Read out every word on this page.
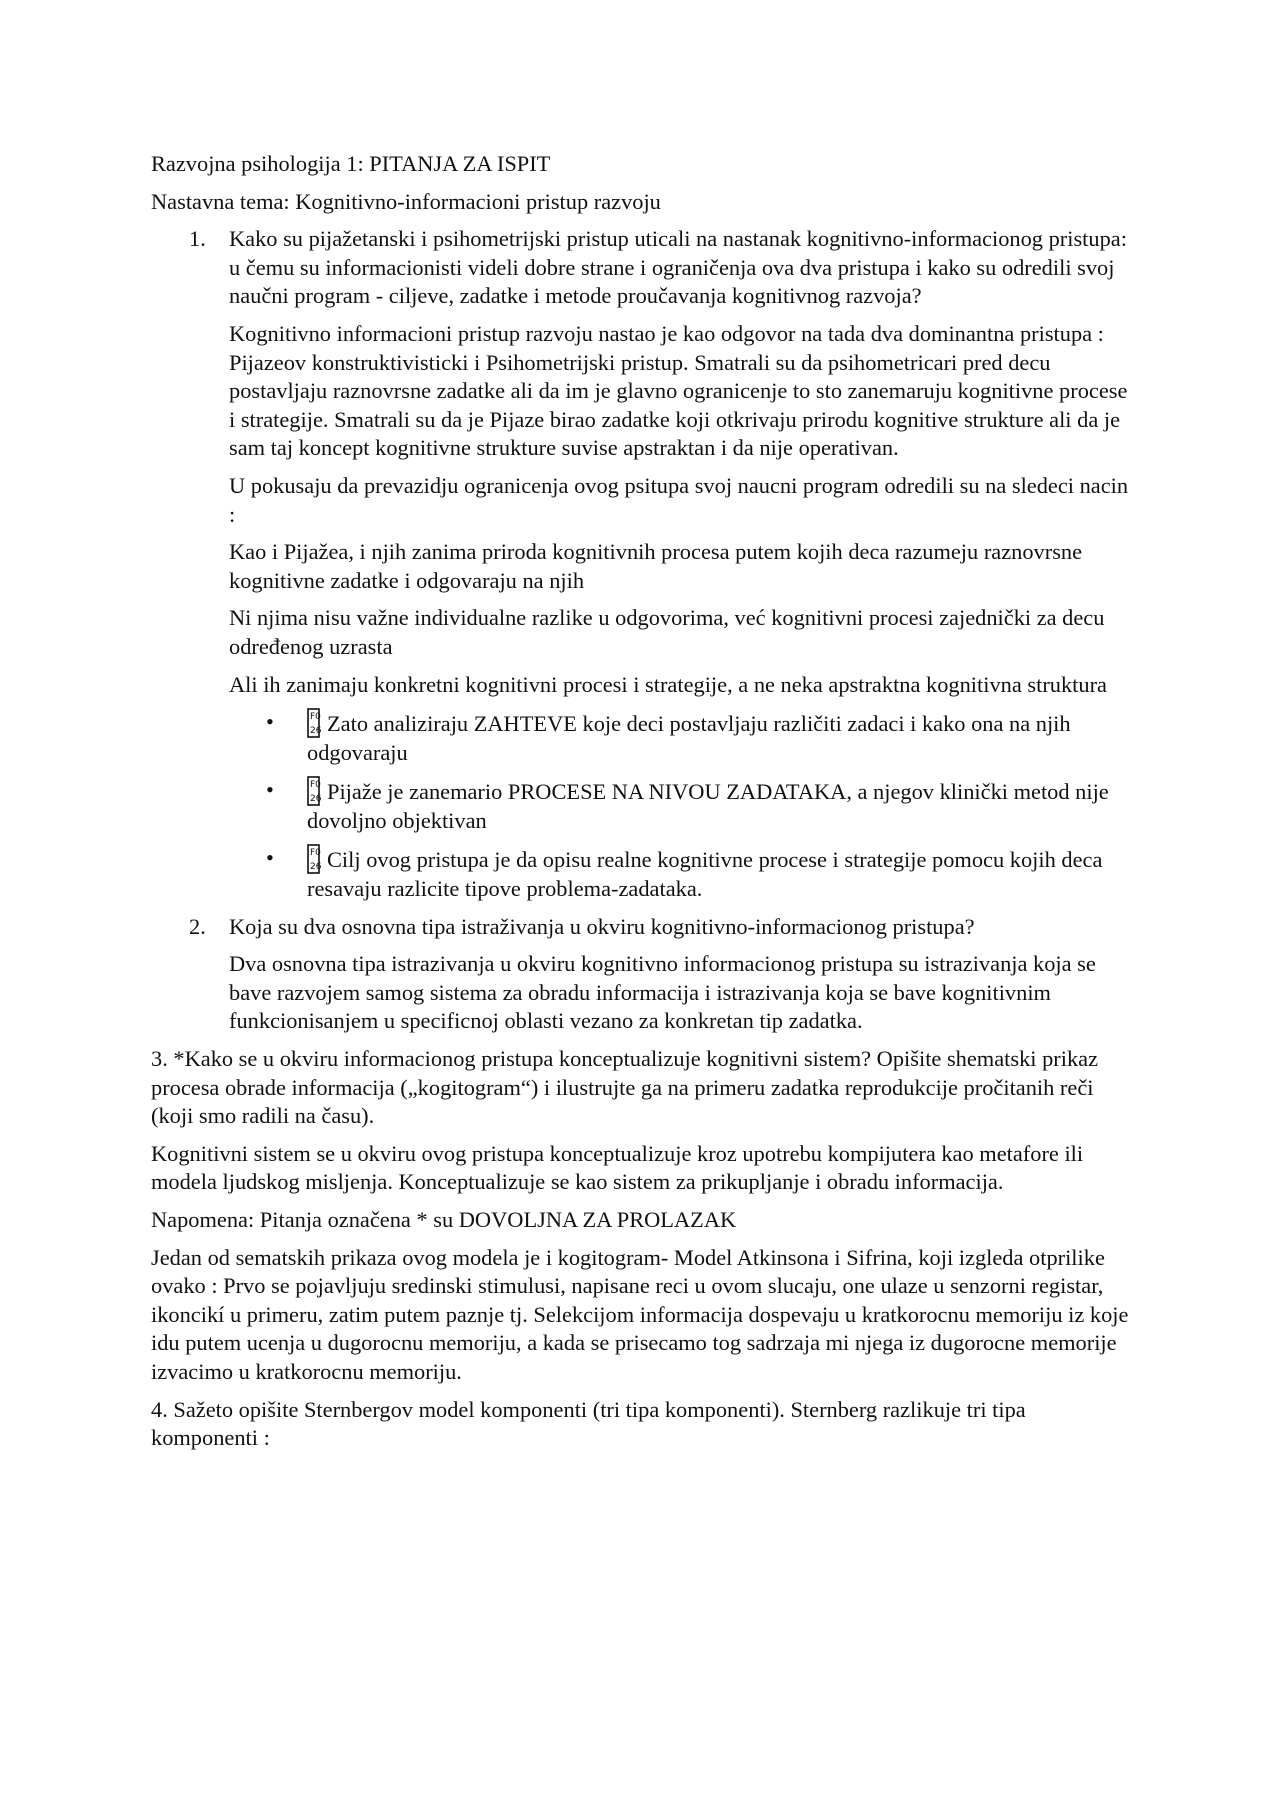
Razvojna psihologija 1: PITANJA ZA ISPIT

Nastavna tema: Kognitivno-informacioni pristup razvoju

1. Kako su pijažetanski i psihometrijski pristup uticali na nastanak kognitivno-informacionog pristupa: u čemu su informacionisti videli dobre strane i ograničenja ova dva pristupa i kako su odredili svoj naučni program - ciljeve, zadatke i metode proučavanja kognitivnog razvoja?

Kognitivno informacioni pristup razvoju nastao je kao odgovor na tada dva dominantna pristupa : Pijazeov konstruktivisticki i Psihometrijski pristup. Smatrali su da psihometricari pred decu postavljaju raznovrsne zadatke ali da im je glavno ogranicenje to sto zanemaruju kognitivne procese i strategije. Smatrali su da je Pijaze birao zadatke koji otkrivaju prirodu kognitive strukture ali da je sam taj koncept kognitivne strukture suvise apstraktan i da nije operativan.

U pokusaju da prevazidju ogranicenja ovog psitupa svoj naucni program odredili su na sledeci nacin :

Kao i Pijažea, i njih zanima priroda kognitivnih procesa putem kojih deca razumeju raznovrsne kognitivne zadatke i odgovaraju na njih

Ni njima nisu važne individualne razlike u odgovorima, već kognitivni procesi zajednički za decu određenog uzrasta

Ali ih zanimaju konkretni kognitivni procesi i strategije, a ne neka apstraktna kognitivna struktura

•	F0
26 Zato analiziraju ZAHTEVE koje deci postavljaju različiti zadaci i kako ona na njih odgovaraju
•	F0
26 Pijaže je zanemario PROCESE NA NIVOU ZADATAKA, a njegov klinički metod nije dovoljno objektivan
•	F0
26 Cilj ovog pristupa je da opisu realne kognitivne procese i strategije pomocu kojih deca resavaju razlicite tipove problema-zadataka.
2. Koja su dva osnovna tipa istraživanja u okviru kognitivno-informacionog pristupa?

Dva osnovna tipa istrazivanja u okviru kognitivno informacionog pristupa su istrazivanja koja se bave razvojem samog sistema za obradu informacija i istrazivanja koja se bave kognitivnim funkcionisanjem u specificnoj oblasti vezano za konkretan tip zadatka.

3. *Kako se u okviru informacionog pristupa konceptualizuje kognitivni sistem? Opišite shematski prikaz procesa obrade informacija („kogitogram“) i ilustrujte ga na primeru zadatka reprodukcije pročitanih reči (koji smo radili na času).

Kognitivni sistem se u okviru ovog pristupa konceptualizuje kroz upotrebu kompijutera kao metafore ili modela ljudskog misljenja. Konceptualizuje se kao sistem za prikupljanje i obradu informacija.

Napomena: Pitanja označena * su DOVOLJNA ZA PROLAZAK

Jedan od sematskih prikaza ovog modela je i kogitogram- Model Atkinsona i Sifrina, koji izgleda otprilike ovako : Prvo se pojavljuju sredinski stimulusi, napisane reci u ovom slucaju, one ulaze u senzorni registar, ikoncikí u primeru, zatim putem paznje tj. Selekcijom informacija dospevaju u kratkorocnu memoriju iz koje idu putem ucenja u dugorocnu memoriju, a kada se prisecamo tog sadrzaja mi njega iz dugorocne memorije izvacimo u kratkorocnu memoriju.

4. Sažeto opišite Sternbergov model komponenti (tri tipa komponenti). Sternberg razlikuje tri tipa komponenti :
